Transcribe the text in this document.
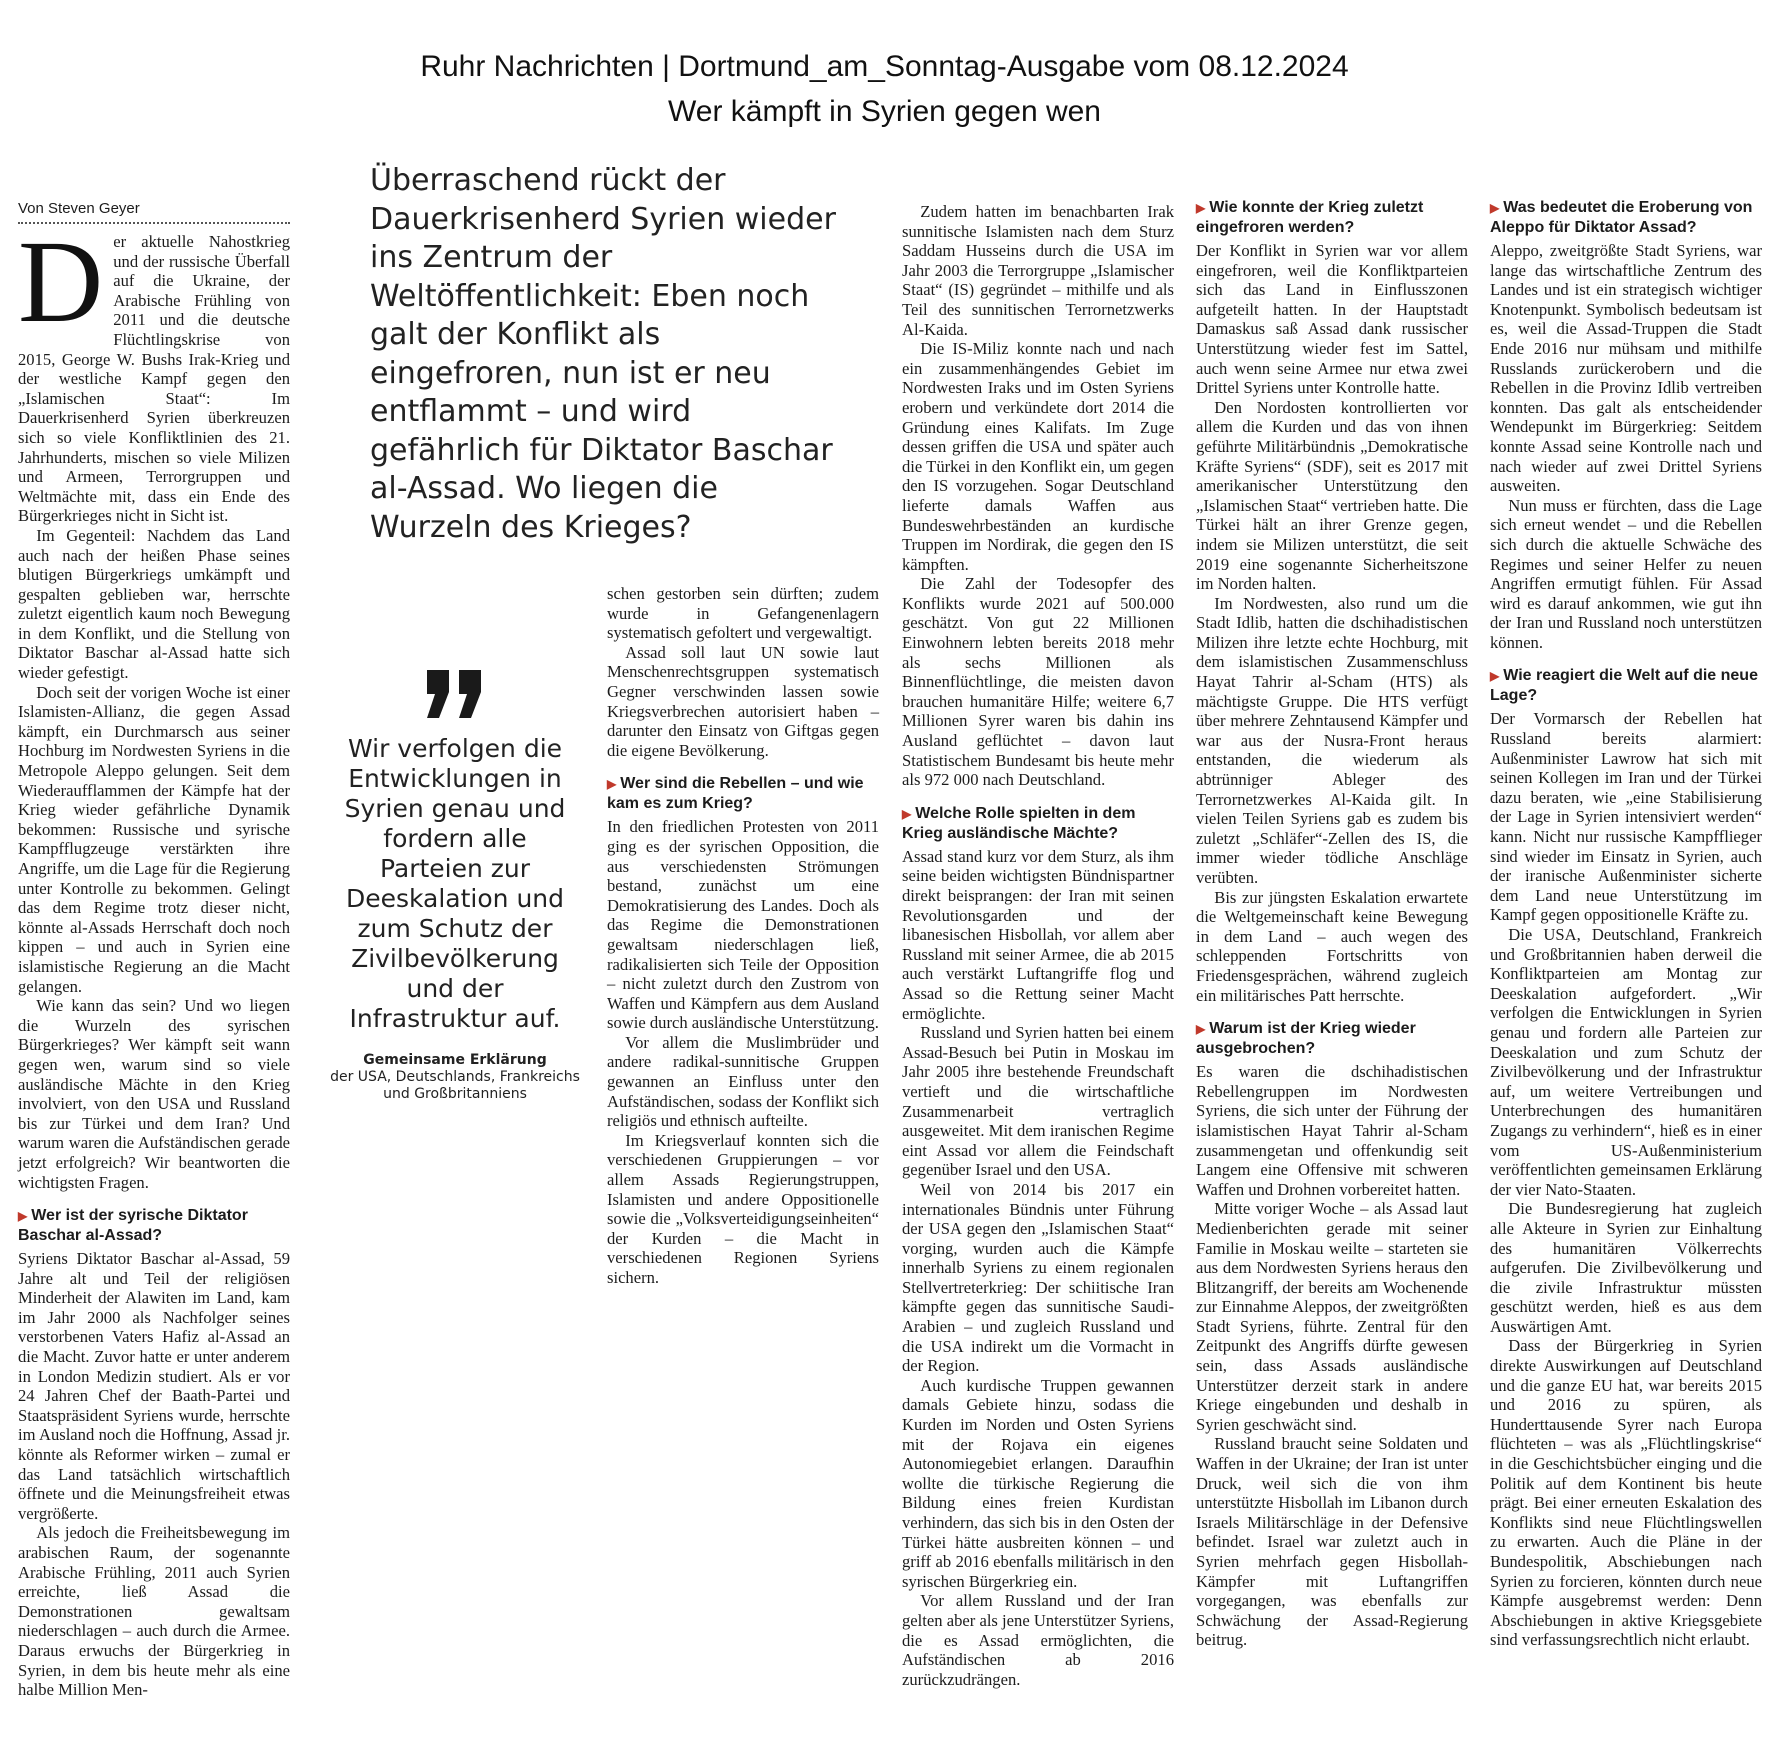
Ruhr Nachrichten | Dortmund_am_Sonntag-Ausgabe vom 08.12.2024
Wer kämpft in Syrien gegen wen
Von Steven Geyer

Der aktuelle Nahostkrieg und der russische Überfall auf die Ukraine, der Arabische Frühling von 2011 und die deutsche Flüchtlingskrise von 2015, George W. Bushs Irak-Krieg und der westliche Kampf gegen den „Islamischen Staat“: Im Dauerkrisenherd Syrien überkreuzen sich so viele Konfliktlinien des 21. Jahrhunderts, mischen so viele Milizen und Armeen, Terrorgruppen und Weltmächte mit, dass ein Ende des Bürgerkrieges nicht in Sicht ist.

Im Gegenteil: Nachdem das Land auch nach der heißen Phase seines blutigen Bürgerkriegs umkämpft und gespalten geblieben war, herrschte zuletzt eigentlich kaum noch Bewegung in dem Konflikt, und die Stellung von Diktator Baschar al-Assad hatte sich wieder gefestigt.

Doch seit der vorigen Woche ist einer Islamisten-Allianz, die gegen Assad kämpft, ein Durchmarsch aus seiner Hochburg im Nordwesten Syriens in die Metropole Aleppo gelungen. Seit dem Wiederaufflammen der Kämpfe hat der Krieg wieder gefährliche Dynamik bekommen: Russische und syrische Kampfflugzeuge verstärkten ihre Angriffe, um die Lage für die Regierung unter Kontrolle zu bekommen. Gelingt das dem Regime trotz dieser nicht, könnte al-Assads Herrschaft doch noch kippen – und auch in Syrien eine islamistische Regierung an die Macht gelangen.

Wie kann das sein? Und wo liegen die Wurzeln des syrischen Bürgerkrieges? Wer kämpft seit wann gegen wen, warum sind so viele ausländische Mächte in den Krieg involviert, von den USA und Russland bis zur Türkei und dem Iran? Und warum waren die Aufständischen gerade jetzt erfolgreich? Wir beantworten die wichtigsten Fragen.

▶ Wer ist der syrische Diktator Baschar al-Assad?

Syriens Diktator Baschar al-Assad, 59 Jahre alt und Teil der religiösen Minderheit der Alawiten im Land, kam im Jahr 2000 als Nachfolger seines verstorbenen Vaters Hafiz al-Assad an die Macht. Zuvor hatte er unter anderem in London Medizin studiert. Als er vor 24 Jahren Chef der Baath-Partei und Staatspräsident Syriens wurde, herrschte im Ausland noch die Hoffnung, Assad jr. könnte als Reformer wirken – zumal er das Land tatsächlich wirtschaftlich öffnete und die Meinungsfreiheit etwas vergrößerte.

Als jedoch die Freiheitsbewegung im arabischen Raum, der sogenannte Arabische Frühling, 2011 auch Syrien erreichte, ließ Assad die Demonstrationen gewaltsam niederschlagen – auch durch die Armee. Daraus erwuchs der Bürgerkrieg in Syrien, in dem bis heute mehr als eine halbe Million Men-

Überraschend rückt der Dauerkrisenherd Syrien wieder ins Zentrum der Weltöffentlichkeit: Eben noch galt der Konflikt als eingefroren, nun ist er neu entflammt – und wird gefährlich für Diktator Baschar al-Assad. Wo liegen die Wurzeln des Krieges?
Wir verfolgen die Entwicklungen in Syrien genau und fordern alle Parteien zur Deeskalation und zum Schutz der Zivilbevölkerung und der Infrastruktur auf.
Gemeinsame Erklärung
der USA, Deutschlands, Frankreichs und Großbritanniens

schen gestorben sein dürften; zudem wurde in Gefangenenlagern systematisch gefoltert und vergewaltigt.

Assad soll laut UN sowie laut Menschenrechtsgruppen systematisch Gegner verschwinden lassen sowie Kriegsverbrechen autorisiert haben – darunter den Einsatz von Giftgas gegen die eigene Bevölkerung.

▶ Wer sind die Rebellen – und wie kam es zum Krieg?

In den friedlichen Protesten von 2011 ging es der syrischen Opposition, die aus verschiedensten Strömungen bestand, zunächst um eine Demokratisierung des Landes. Doch als das Regime die Demonstrationen gewaltsam niederschlagen ließ, radikalisierten sich Teile der Opposition – nicht zuletzt durch den Zustrom von Waffen und Kämpfern aus dem Ausland sowie durch ausländische Unterstützung.

Vor allem die Muslimbrüder und andere radikal-sunnitische Gruppen gewannen an Einfluss unter den Aufständischen, sodass der Konflikt sich religiös und ethnisch aufteilte.

Im Kriegsverlauf konnten sich die verschiedenen Gruppierungen – vor allem Assads Regierungstruppen, Islamisten und andere Oppositionelle sowie die „Volksverteidigungseinheiten“ der Kurden – die Macht in verschiedenen Regionen Syriens sichern.

Zudem hatten im benachbarten Irak sunnitische Islamisten nach dem Sturz Saddam Husseins durch die USA im Jahr 2003 die Terrorgruppe „Islamischer Staat“ (IS) gegründet – mithilfe und als Teil des sunnitischen Terrornetzwerks Al-Kaida.

Die IS-Miliz konnte nach und nach ein zusammenhängendes Gebiet im Nordwesten Iraks und im Osten Syriens erobern und verkündete dort 2014 die Gründung eines Kalifats. Im Zuge dessen griffen die USA und später auch die Türkei in den Konflikt ein, um gegen den IS vorzugehen. Sogar Deutschland lieferte damals Waffen aus Bundeswehrbeständen an kurdische Truppen im Nordirak, die gegen den IS kämpften.

Die Zahl der Todesopfer des Konflikts wurde 2021 auf 500.000 geschätzt. Von gut 22 Millionen Einwohnern lebten bereits 2018 mehr als sechs Millionen als Binnenflüchtlinge, die meisten davon brauchen humanitäre Hilfe; weitere 6,7 Millionen Syrer waren bis dahin ins Ausland geflüchtet – davon laut Statistischem Bundesamt bis heute mehr als 972 000 nach Deutschland.

▶ Welche Rolle spielten in dem Krieg ausländische Mächte?

Assad stand kurz vor dem Sturz, als ihm seine beiden wichtigsten Bündnispartner direkt beisprangen: der Iran mit seinen Revolutionsgarden und der libanesischen Hisbollah, vor allem aber Russland mit seiner Armee, die ab 2015 auch verstärkt Luftangriffe flog und Assad so die Rettung seiner Macht ermöglichte.

Russland und Syrien hatten bei einem Assad-Besuch bei Putin in Moskau im Jahr 2005 ihre bestehende Freundschaft vertieft und die wirtschaftliche Zusammenarbeit vertraglich ausgeweitet. Mit dem iranischen Regime eint Assad vor allem die Feindschaft gegenüber Israel und den USA.

Weil von 2014 bis 2017 ein internationales Bündnis unter Führung der USA gegen den „Islamischen Staat“ vorging, wurden auch die Kämpfe innerhalb Syriens zu einem regionalen Stellvertreterkrieg: Der schiitische Iran kämpfte gegen das sunnitische Saudi-Arabien – und zugleich Russland und die USA indirekt um die Vormacht in der Region.

Auch kurdische Truppen gewannen damals Gebiete hinzu, sodass die Kurden im Norden und Osten Syriens mit der Rojava ein eigenes Autonomiegebiet erlangen. Daraufhin wollte die türkische Regierung die Bildung eines freien Kurdistan verhindern, das sich bis in den Osten der Türkei hätte ausbreiten können – und griff ab 2016 ebenfalls militärisch in den syrischen Bürgerkrieg ein.

Vor allem Russland und der Iran gelten aber als jene Unterstützer Syriens, die es Assad ermöglichten, die Aufständischen ab 2016 zurückzudrängen.

▶ Wie konnte der Krieg zuletzt eingefroren werden?

Der Konflikt in Syrien war vor allem eingefroren, weil die Konfliktparteien sich das Land in Einflusszonen aufgeteilt hatten. In der Hauptstadt Damaskus saß Assad dank russischer Unterstützung wieder fest im Sattel, auch wenn seine Armee nur etwa zwei Drittel Syriens unter Kontrolle hatte.

Den Nordosten kontrollierten vor allem die Kurden und das von ihnen geführte Militärbündnis „Demokratische Kräfte Syriens“ (SDF), seit es 2017 mit amerikanischer Unterstützung den „Islamischen Staat“ vertrieben hatte. Die Türkei hält an ihrer Grenze gegen, indem sie Milizen unterstützt, die seit 2019 eine sogenannte Sicherheitszone im Norden halten.

Im Nordwesten, also rund um die Stadt Idlib, hatten die dschihadistischen Milizen ihre letzte echte Hochburg, mit dem islamistischen Zusammenschluss Hayat Tahrir al-Scham (HTS) als mächtigste Gruppe. Die HTS verfügt über mehrere Zehntausend Kämpfer und war aus der Nusra-Front heraus entstanden, die wiederum als abtrünniger Ableger des Terrornetzwerkes Al-Kaida gilt. In vielen Teilen Syriens gab es zudem bis zuletzt „Schläfer“-Zellen des IS, die immer wieder tödliche Anschläge verübten.

Bis zur jüngsten Eskalation erwartete die Weltgemeinschaft keine Bewegung in dem Land – auch wegen des schleppenden Fortschritts von Friedensgesprächen, während zugleich ein militärisches Patt herrschte.

▶ Warum ist der Krieg wieder ausgebrochen?

Es waren die dschihadistischen Rebellengruppen im Nordwesten Syriens, die sich unter der Führung der islamistischen Hayat Tahrir al-Scham zusammengetan und offenkundig seit Langem eine Offensive mit schweren Waffen und Drohnen vorbereitet hatten.

Mitte voriger Woche – als Assad laut Medienberichten gerade mit seiner Familie in Moskau weilte – starteten sie aus dem Nordwesten Syriens heraus den Blitzangriff, der bereits am Wochenende zur Einnahme Aleppos, der zweitgrößten Stadt Syriens, führte. Zentral für den Zeitpunkt des Angriffs dürfte gewesen sein, dass Assads ausländische Unterstützer derzeit stark in andere Kriege eingebunden und deshalb in Syrien geschwächt sind.

Russland braucht seine Soldaten und Waffen in der Ukraine; der Iran ist unter Druck, weil sich die von ihm unterstützte Hisbollah im Libanon durch Israels Militärschläge in der Defensive befindet. Israel war zuletzt auch in Syrien mehrfach gegen Hisbollah-Kämpfer mit Luftangriffen vorgegangen, was ebenfalls zur Schwächung der Assad-Regierung beitrug.

▶ Was bedeutet die Eroberung von Aleppo für Diktator Assad?

Aleppo, zweitgrößte Stadt Syriens, war lange das wirtschaftliche Zentrum des Landes und ist ein strategisch wichtiger Knotenpunkt. Symbolisch bedeutsam ist es, weil die Assad-Truppen die Stadt Ende 2016 nur mühsam und mithilfe Russlands zurückerobern und die Rebellen in die Provinz Idlib vertreiben konnten. Das galt als entscheidender Wendepunkt im Bürgerkrieg: Seitdem konnte Assad seine Kontrolle nach und nach wieder auf zwei Drittel Syriens ausweiten.

Nun muss er fürchten, dass die Lage sich erneut wendet – und die Rebellen sich durch die aktuelle Schwäche des Regimes und seiner Helfer zu neuen Angriffen ermutigt fühlen. Für Assad wird es darauf ankommen, wie gut ihn der Iran und Russland noch unterstützen können.

▶ Wie reagiert die Welt auf die neue Lage?

Der Vormarsch der Rebellen hat Russland bereits alarmiert: Außenminister Lawrow hat sich mit seinen Kollegen im Iran und der Türkei dazu beraten, wie „eine Stabilisierung der Lage in Syrien intensiviert werden“ kann. Nicht nur russische Kampfflieger sind wieder im Einsatz in Syrien, auch der iranische Außenminister sicherte dem Land neue Unterstützung im Kampf gegen oppositionelle Kräfte zu.

Die USA, Deutschland, Frankreich und Großbritannien haben derweil die Konfliktparteien am Montag zur Deeskalation aufgefordert. „Wir verfolgen die Entwicklungen in Syrien genau und fordern alle Parteien zur Deeskalation und zum Schutz der Zivilbevölkerung und der Infrastruktur auf, um weitere Vertreibungen und Unterbrechungen des humanitären Zugangs zu verhindern“, hieß es in einer vom US-Außenministerium veröffentlichten gemeinsamen Erklärung der vier Nato-Staaten.

Die Bundesregierung hat zugleich alle Akteure in Syrien zur Einhaltung des humanitären Völkerrechts aufgerufen. Die Zivilbevölkerung und die zivile Infrastruktur müssten geschützt werden, hieß es aus dem Auswärtigen Amt.

Dass der Bürgerkrieg in Syrien direkte Auswirkungen auf Deutschland und die ganze EU hat, war bereits 2015 und 2016 zu spüren, als Hunderttausende Syrer nach Europa flüchteten – was als „Flüchtlingskrise“ in die Geschichtsbücher einging und die Politik auf dem Kontinent bis heute prägt. Bei einer erneuten Eskalation des Konflikts sind neue Flüchtlingswellen zu erwarten. Auch die Pläne in der Bundespolitik, Abschiebungen nach Syrien zu forcieren, könnten durch neue Kämpfe ausgebremst werden: Denn Abschiebungen in aktive Kriegsgebiete sind verfassungsrechtlich nicht erlaubt.
